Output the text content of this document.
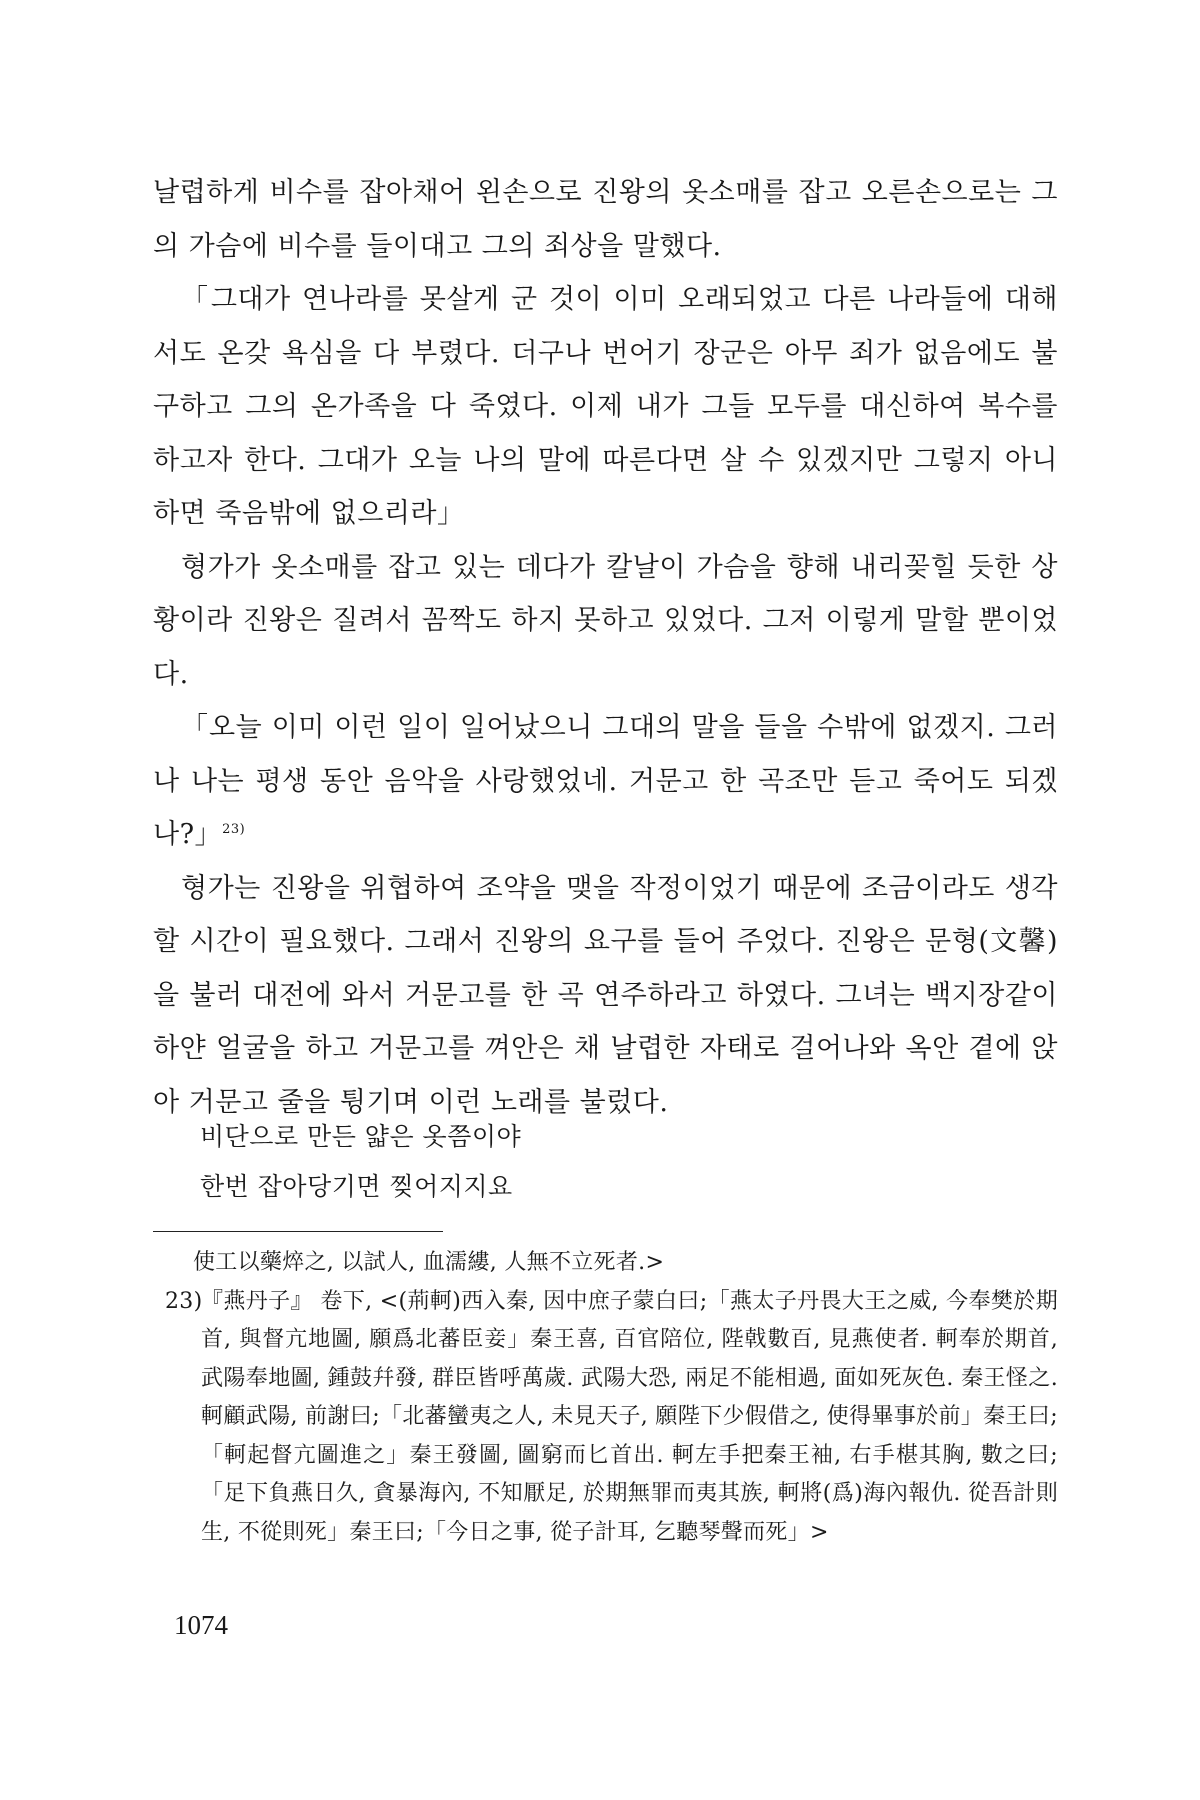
날렵하게 비수를 잡아채어 왼손으로 진왕의 옷소매를 잡고 오른손으로는 그의 가슴에 비수를 들이대고 그의 죄상을 말했다.

「그대가 연나라를 못살게 군 것이 이미 오래되었고 다른 나라들에 대해서도 온갖 욕심을 다 부렸다. 더구나 번어기 장군은 아무 죄가 없음에도 불구하고 그의 온가족을 다 죽였다. 이제 내가 그들 모두를 대신하여 복수를 하고자 한다. 그대가 오늘 나의 말에 따른다면 살 수 있겠지만 그렇지 아니하면 죽음밖에 없으리라」

형가가 옷소매를 잡고 있는 데다가 칼날이 가슴을 향해 내리꽂힐 듯한 상황이라 진왕은 질려서 꼼짝도 하지 못하고 있었다. 그저 이렇게 말할 뿐이었다.

「오늘 이미 이런 일이 일어났으니 그대의 말을 들을 수밖에 없겠지. 그러나 나는 평생 동안 음악을 사랑했었네. 거문고 한 곡조만 듣고 죽어도 되겠나?」$^{23)}$

형가는 진왕을 위협하여 조약을 맺을 작정이었기 때문에 조금이라도 생각할 시간이 필요했다. 그래서 진왕의 요구를 들어 주었다. 진왕은 문형(文馨)을 불러 대전에 와서 거문고를 한 곡 연주하라고 하였다. 그녀는 백지장같이 하얀 얼굴을 하고 거문고를 껴안은 채 날렵한 자태로 걸어나와 옥안 곁에 앉아 거문고 줄을 튕기며 이런 노래를 불렀다.

비단으로 만든 얇은 옷쯤이야
한번 잡아당기면 찢어지지요
使工以藥焠之, 以試人, 血濡縷, 人無不立死者.>
23)
『燕丹子』 卷下, <(荊軻)西入秦, 因中庶子蒙白曰;「燕太子丹畏大王之威, 今奉樊於期首, 與督亢地圖, 願爲北蕃臣妾」秦王喜, 百官陪位, 陛戟數百, 見燕使者. 軻奉於期首, 武陽奉地圖, 鍾鼓幷發, 群臣皆呼萬歲. 武陽大恐, 兩足不能相過, 面如死灰色. 秦王怪之. 軻顧武陽, 前謝曰;「北蕃蠻夷之人, 未見天子, 願陛下少假借之, 使得畢事於前」秦王曰;「軻起督亢圖進之」秦王發圖, 圖窮而匕首出. 軻左手把秦王袖, 右手椹其胸, 數之曰;「足下負燕日久, 貪暴海內, 不知厭足, 於期無罪而夷其族, 軻將(爲)海內報仇. 從吾計則生, 不從則死」秦王曰;「今日之事, 從子計耳, 乞聽琴聲而死」>
1074
